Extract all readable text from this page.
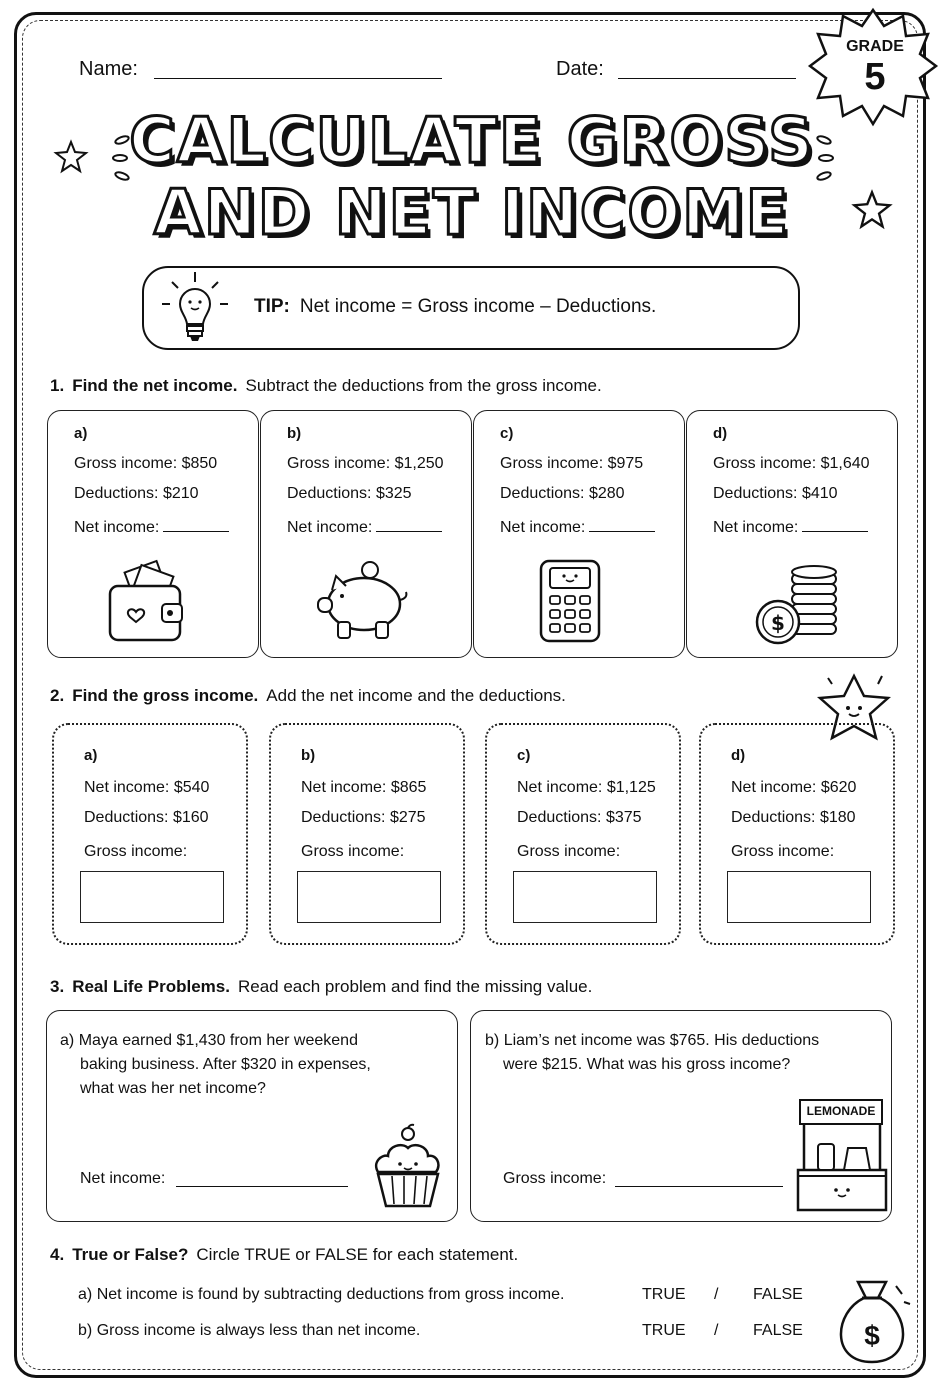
Name:	Date:
GRADE
5
CALCULATE GROSS
AND NET INCOME
TIP: Net income = Gross income – Deductions.
1. Find the net income. Subtract the deductions from the gross income.
a)
Gross income: $850
Deductions: $210
Net income:
b)
Gross income: $1,250
Deductions: $325
Net income:
c)
Gross income: $975
Deductions: $280
Net income:
d)
Gross income: $1,640
Deductions: $410
Net income:
$
2. Find the gross income. Add the net income and the deductions.
a)
Net income: $540
Deductions: $160
Gross income:
b)
Net income: $865
Deductions: $275
Gross income:
c)
Net income: $1,125
Deductions: $375
Gross income:
d)
Net income: $620
Deductions: $180
Gross income:
3. Real Life Problems. Read each problem and find the missing value.
a) Maya earned $1,430 from her weekend
baking business. After $320 in expenses,
what was her net income?
Net income:
b) Liam’s net income was $765. His deductions
were $215. What was his gross income?
Gross income:
LEMONADE
4. True or False? Circle TRUE or FALSE for each statement.
a) Net income is found by subtracting deductions from gross income.	TRUE / FALSE
b) Gross income is always less than net income.	TRUE / FALSE	$
